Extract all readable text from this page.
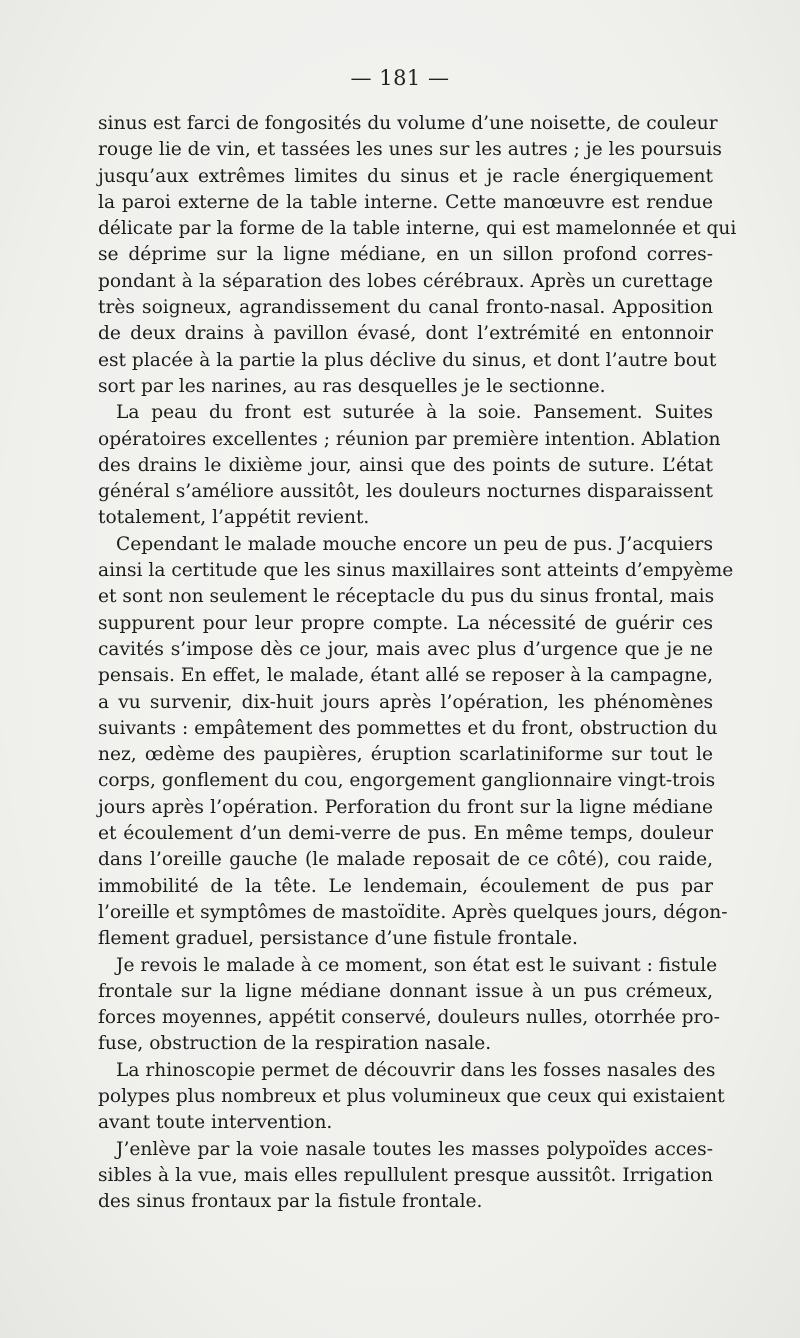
— 181 —
sinus est farci de fongosités du volume d’une noisette, de couleur
rouge lie de vin, et tassées les unes sur les autres ; je les poursuis
jusqu’aux extrêmes limites du sinus et je racle énergiquement
la paroi externe de la table interne. Cette manœuvre est rendue
délicate par la forme de la table interne, qui est mamelonnée et qui
se déprime sur la ligne médiane, en un sillon profond corres-
pondant à la séparation des lobes cérébraux. Après un curettage
très soigneux, agrandissement du canal fronto-nasal. Apposition
de deux drains à pavillon évasé, dont l’extrémité en entonnoir
est placée à la partie la plus déclive du sinus, et dont l’autre bout
sort par les narines, au ras desquelles je le sectionne.
La peau du front est suturée à la soie. Pansement. Suites
opératoires excellentes ; réunion par première intention. Ablation
des drains le dixième jour, ainsi que des points de suture. L’état
général s’améliore aussitôt, les douleurs nocturnes disparaissent
totalement, l’appétit revient.
Cependant le malade mouche encore un peu de pus. J’acquiers
ainsi la certitude que les sinus maxillaires sont atteints d’empyème
et sont non seulement le réceptacle du pus du sinus frontal, mais
suppurent pour leur propre compte. La nécessité de guérir ces
cavités s’impose dès ce jour, mais avec plus d’urgence que je ne
pensais. En effet, le malade, étant allé se reposer à la campagne,
a vu survenir, dix-huit jours après l’opération, les phénomènes
suivants : empâtement des pommettes et du front, obstruction du
nez, œdème des paupières, éruption scarlatiniforme sur tout le
corps, gonflement du cou, engorgement ganglionnaire vingt-trois
jours après l’opération. Perforation du front sur la ligne médiane
et écoulement d’un demi-verre de pus. En même temps, douleur
dans l’oreille gauche (le malade reposait de ce côté), cou raide,
immobilité de la tête. Le lendemain, écoulement de pus par
l’oreille et symptômes de mastoïdite. Après quelques jours, dégon-
flement graduel, persistance d’une fistule frontale.
Je revois le malade à ce moment, son état est le suivant : fistule
frontale sur la ligne médiane donnant issue à un pus crémeux,
forces moyennes, appétit conservé, douleurs nulles, otorrhée pro-
fuse, obstruction de la respiration nasale.
La rhinoscopie permet de découvrir dans les fosses nasales des
polypes plus nombreux et plus volumineux que ceux qui existaient
avant toute intervention.
J’enlève par la voie nasale toutes les masses polypoïdes acces-
sibles à la vue, mais elles repullulent presque aussitôt. Irrigation
des sinus frontaux par la fistule frontale.
